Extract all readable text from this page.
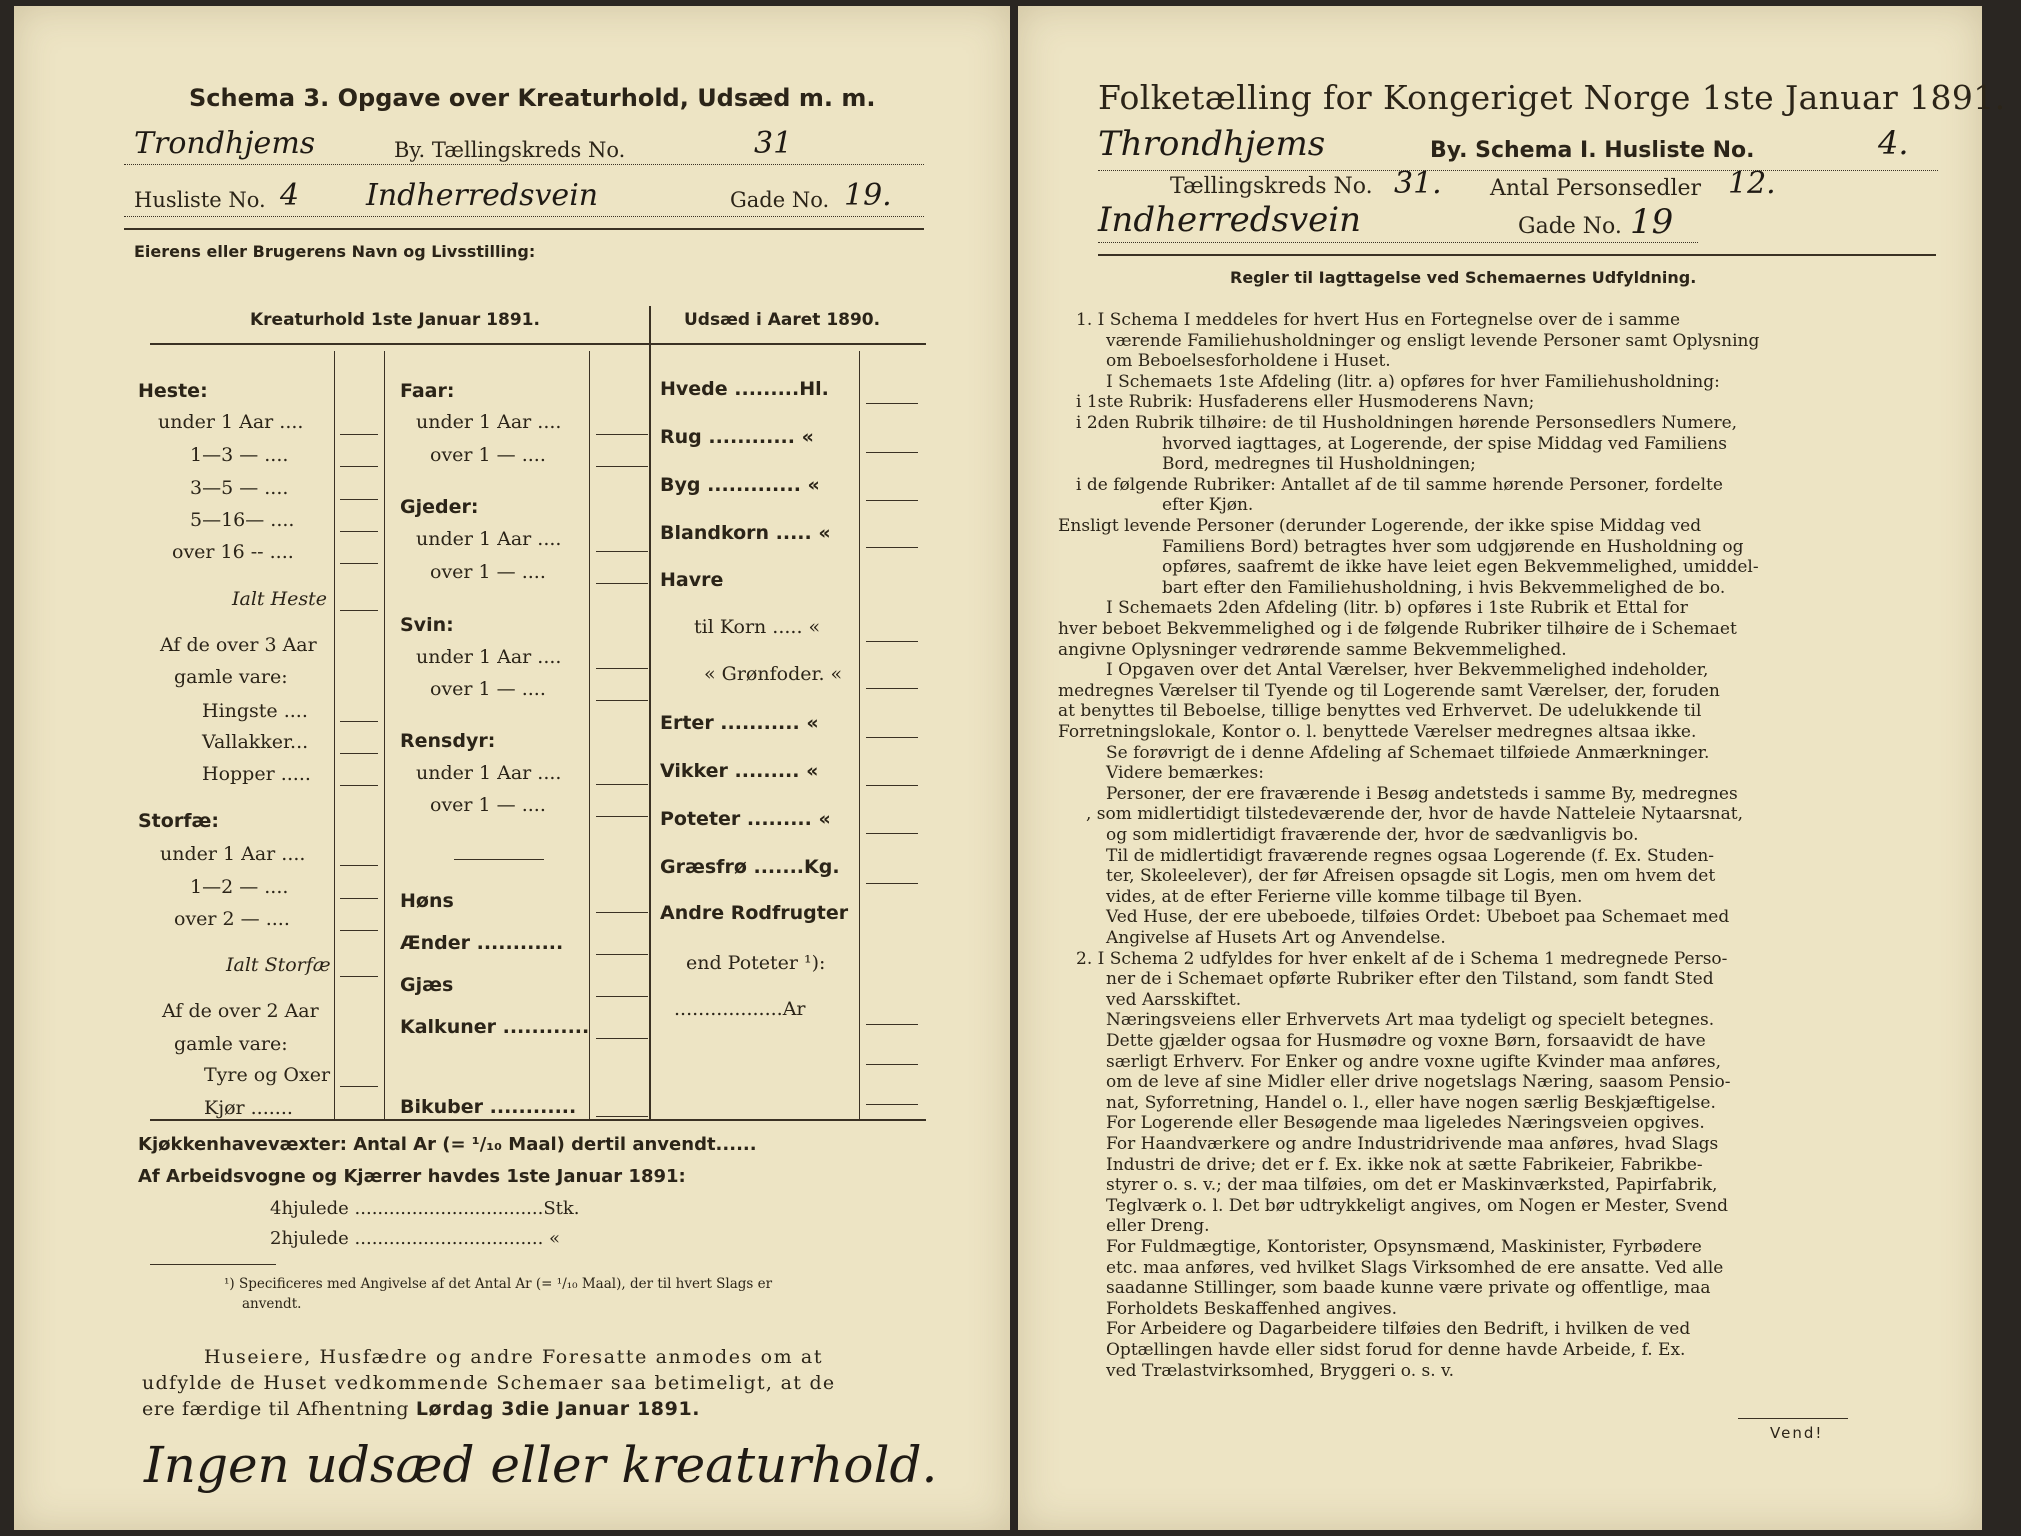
Schema 3. Opgave over Kreaturhold, Udsæd m. m.
Trondhjems	By. Tællingskreds No.	31
Husliste No. 4 Indherredsvein	Gade No. 19.
Eierens eller Brugerens Navn og Livsstilling:
Kreaturhold 1ste Januar 1891.	Udsæd i Aaret 1890.
Heste:
under 1 Aar ....
1—3 — ....
3—5 — ....
5—16— ....
over 16 -- ....
Ialt Heste
Af de over 3 Aar
gamle vare:
Hingste ....
Vallakker...
Hopper .....
Storfæ:
under 1 Aar ....
1—2 — ....
over 2 — ....
Ialt Storfæ
Af de over 2 Aar
gamle vare:
Tyre og Oxer
Kjør .......
Faar:
under 1 Aar ....
over 1 — ....
Gjeder:
under 1 Aar ....
over 1 — ....
Svin:
under 1 Aar ....
over 1 — ....
Rensdyr:
under 1 Aar ....
over 1 — ....
Høns
Ænder ............
Gjæs
Kalkuner ............
Bikuber ............
Hvede .........Hl.
Rug ............ «
Byg ............. «
Blandkorn ..... «
Havre
til Korn ..... «
« Grønfoder. «
Erter ........... «
Vikker ......... «
Poteter ......... «
Græsfrø .......Kg.
Andre Rodfrugter
end Poteter ¹):
..................Ar
Kjøkkenhavevæxter: Antal Ar (= ¹/₁₀ Maal) dertil anvendt......
Af Arbeidsvogne og Kjærrer havdes 1ste Januar 1891:
4hjulede .................................Stk.
2hjulede ................................. «
¹) Specificeres med Angivelse af det Antal Ar (= ¹/₁₀ Maal), der til hvert Slags er
anvendt.
Huseiere, Husfædre og andre Foresatte anmodes om at
udfylde de Huset vedkommende Schemaer saa betimeligt, at de
ere færdige til Afhentning Lørdag 3die Januar 1891.
Ingen udsæd eller kreaturhold.
Folketælling for Kongeriget Norge 1ste Januar 1891.
Throndhjems	By. Schema I. Husliste No.	4.
Tællingskreds No. 31. Antal Personsedler 12.
Indherredsvein	Gade No. 19
Regler til Iagttagelse ved Schemaernes Udfyldning.
Vend!
1. I Schema I meddeles for hvert Hus en Fortegnelse over de i samme
værende Familiehusholdninger og ensligt levende Personer samt Oplysning
om Beboelsesforholdene i Huset.
I Schemaets 1ste Afdeling (litr. a) opføres for hver Familiehusholdning:
i 1ste Rubrik: Husfaderens eller Husmoderens Navn;
i 2den Rubrik tilhøire: de til Husholdningen hørende Personsedlers Numere,
hvorved iagttages, at Logerende, der spise Middag ved Familiens
Bord, medregnes til Husholdningen;
i de følgende Rubriker: Antallet af de til samme hørende Personer, fordelte
efter Kjøn.
Ensligt levende Personer (derunder Logerende, der ikke spise Middag ved
Familiens Bord) betragtes hver som udgjørende en Husholdning og
opføres, saafremt de ikke have leiet egen Bekvemmelighed, umiddel-
bart efter den Familiehusholdning, i hvis Bekvemmelighed de bo.
I Schemaets 2den Afdeling (litr. b) opføres i 1ste Rubrik et Ettal for
hver beboet Bekvemmelighed og i de følgende Rubriker tilhøire de i Schemaet
angivne Oplysninger vedrørende samme Bekvemmelighed.
I Opgaven over det Antal Værelser, hver Bekvemmelighed indeholder,
medregnes Værelser til Tyende og til Logerende samt Værelser, der, foruden
at benyttes til Beboelse, tillige benyttes ved Erhvervet. De udelukkende til
Forretningslokale, Kontor o. l. benyttede Værelser medregnes altsaa ikke.
Se forøvrigt de i denne Afdeling af Schemaet tilføiede Anmærkninger.
Videre bemærkes:
Personer, der ere fraværende i Besøg andetsteds i samme By, medregnes
, som midlertidigt tilstedeværende der, hvor de havde Natteleie Nytaarsnat,
og som midlertidigt fraværende der, hvor de sædvanligvis bo.
Til de midlertidigt fraværende regnes ogsaa Logerende (f. Ex. Studen-
ter, Skoleelever), der før Afreisen opsagde sit Logis, men om hvem det
vides, at de efter Ferierne ville komme tilbage til Byen.
Ved Huse, der ere ubeboede, tilføies Ordet: Ubeboet paa Schemaet med
Angivelse af Husets Art og Anvendelse.
2. I Schema 2 udfyldes for hver enkelt af de i Schema 1 medregnede Perso-
ner de i Schemaet opførte Rubriker efter den Tilstand, som fandt Sted
ved Aarsskiftet.
Næringsveiens eller Erhvervets Art maa tydeligt og specielt betegnes.
Dette gjælder ogsaa for Husmødre og voxne Børn, forsaavidt de have
særligt Erhverv. For Enker og andre voxne ugifte Kvinder maa anføres,
om de leve af sine Midler eller drive nogetslags Næring, saasom Pensio-
nat, Syforretning, Handel o. l., eller have nogen særlig Beskjæftigelse.
For Logerende eller Besøgende maa ligeledes Næringsveien opgives.
For Haandværkere og andre Industridrivende maa anføres, hvad Slags
Industri de drive; det er f. Ex. ikke nok at sætte Fabrikeier, Fabrikbe-
styrer o. s. v.; der maa tilføies, om det er Maskinværksted, Papirfabrik,
Teglværk o. l. Det bør udtrykkeligt angives, om Nogen er Mester, Svend
eller Dreng.
For Fuldmægtige, Kontorister, Opsynsmænd, Maskinister, Fyrbødere
etc. maa anføres, ved hvilket Slags Virksomhed de ere ansatte. Ved alle
saadanne Stillinger, som baade kunne være private og offentlige, maa
Forholdets Beskaffenhed angives.
For Arbeidere og Dagarbeidere tilføies den Bedrift, i hvilken de ved
Optællingen havde eller sidst forud for denne havde Arbeide, f. Ex.
ved Trælastvirksomhed, Bryggeri o. s. v.
